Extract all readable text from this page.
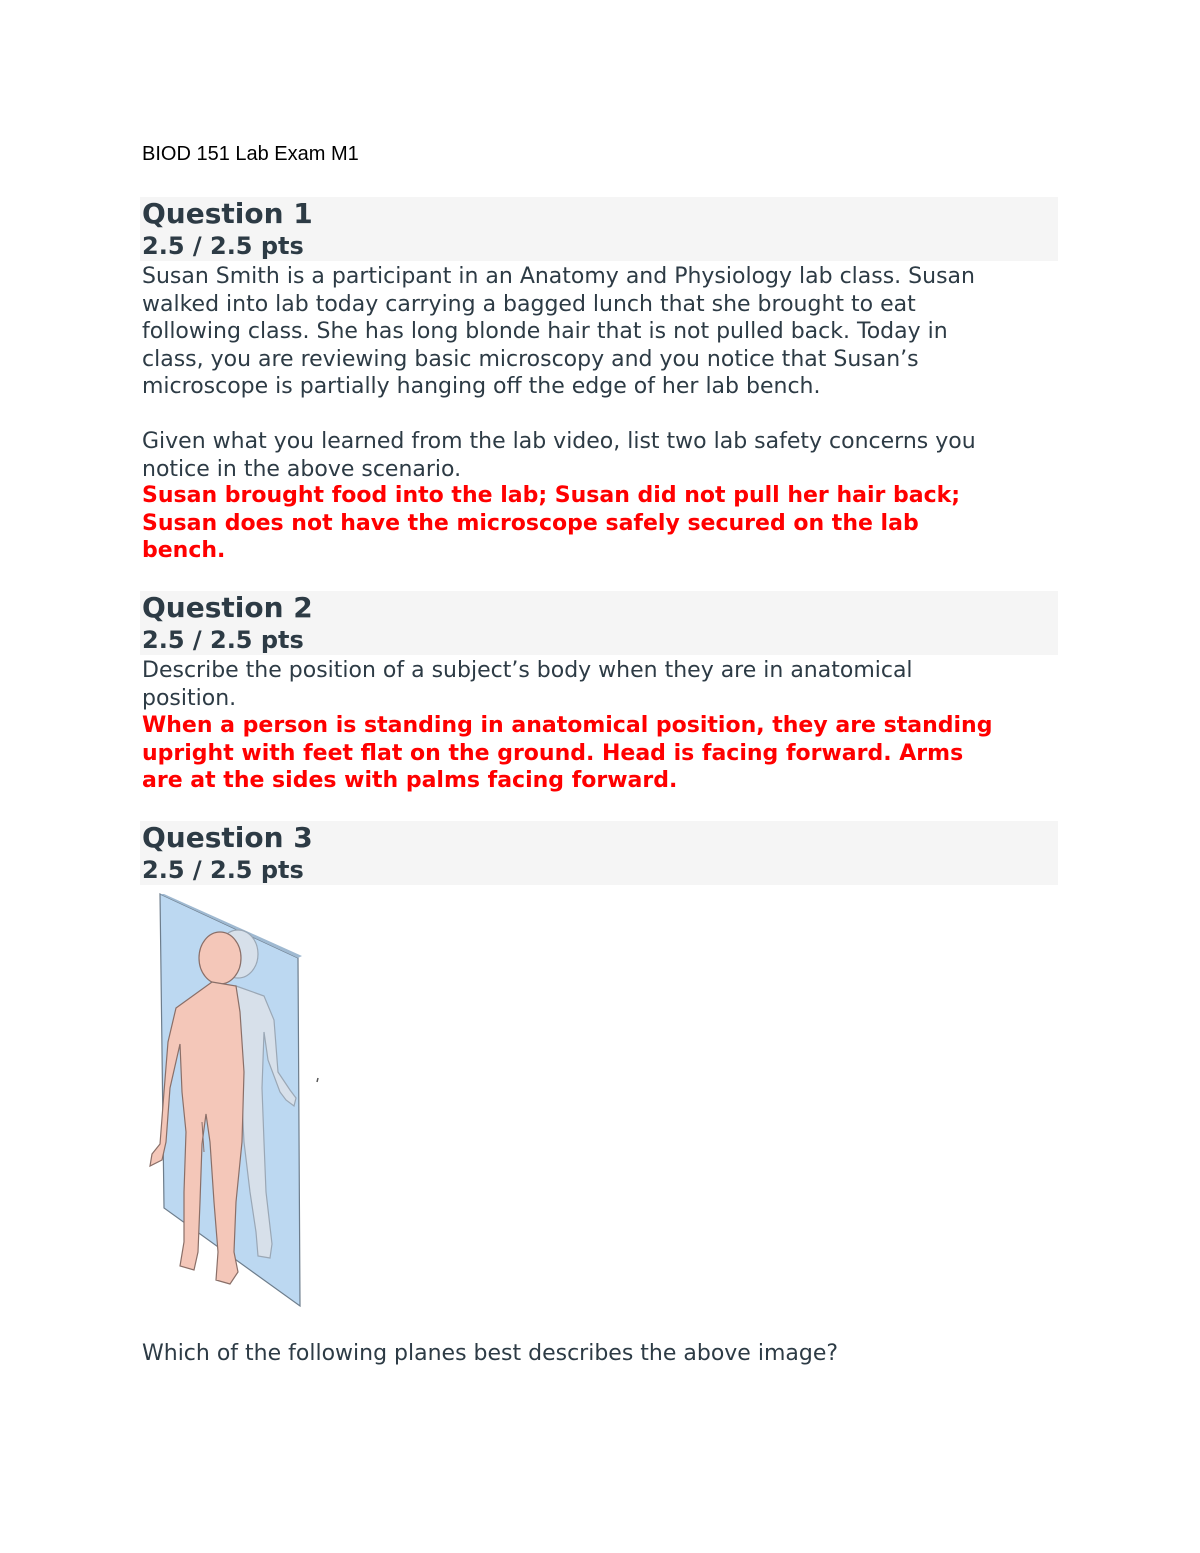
BIOD 151 Lab Exam M1
Question 1
2.5 / 2.5 pts
Susan Smith is a participant in an Anatomy and Physiology lab class. Susan
walked into lab today carrying a bagged lunch that she brought to eat
following class. She has long blonde hair that is not pulled back. Today in
class, you are reviewing basic microscopy and you notice that Susan’s
microscope is partially hanging off the edge of her lab bench.
Given what you learned from the lab video, list two lab safety concerns you
notice in the above scenario.
Susan brought food into the lab; Susan did not pull her hair back;
Susan does not have the microscope safely secured on the lab
bench.
Question 2
2.5 / 2.5 pts
Describe the position of a subject’s body when they are in anatomical
position.
When a person is standing in anatomical position, they are standing
upright with feet flat on the ground. Head is facing forward. Arms
are at the sides with palms facing forward.
Question 3
2.5 / 2.5 pts
Which of the following planes best describes the above image?
